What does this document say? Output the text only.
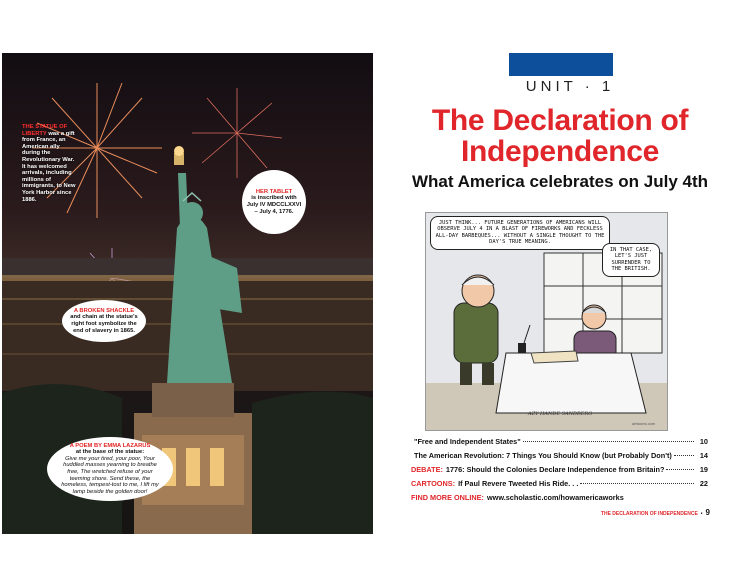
THE STATUE OF LIBERTY was a gift from France, an American ally during the Revolutionary War. It has welcomed arrivals, including millions of immigrants, to New York Harbor since 1886.
HER TABLET
is inscribed with July IV MDCCLXXVI – July 4, 1776.
A BROKEN SHACKLE
and chain at the statue's right foot symbolize the end of slavery in 1865.
A POEM BY EMMA LAZARUS
at the base of the statue:
Give me your tired, your poor, Your huddled masses yearning to breathe free, The wretched refuse of your teeming shore. Send these, the homeless, tempest-tost to me, I lift my lamp beside the golden door!
UNIT · 1
The Declaration of Independence
What America celebrates on July 4th
JUST THINK... FUTURE GENERATIONS OF AMERICANS WILL OBSERVE JULY 4 IN A BLAST OF FIREWORKS AND FECKLESS ALL-DAY BARBEQUES... WITHOUT A SINGLE THOUGHT TO THE DAY'S TRUE MEANING.
IN THAT CASE, LET'S JUST SURRENDER TO THE BRITISH.
AZY HANDE SANDBERG
arttoons.com
"Free and Independent States"	10
The American Revolution: 7 Things You Should Know (but Probably Don't)	14
DEBATE: 1776: Should the Colonies Declare Independence from Britain?	19
CARTOONS: If Paul Revere Tweeted His Ride. . .	22
FIND MORE ONLINE: www.scholastic.com/howamericaworks
THE DECLARATION OF INDEPENDENCE • 9
